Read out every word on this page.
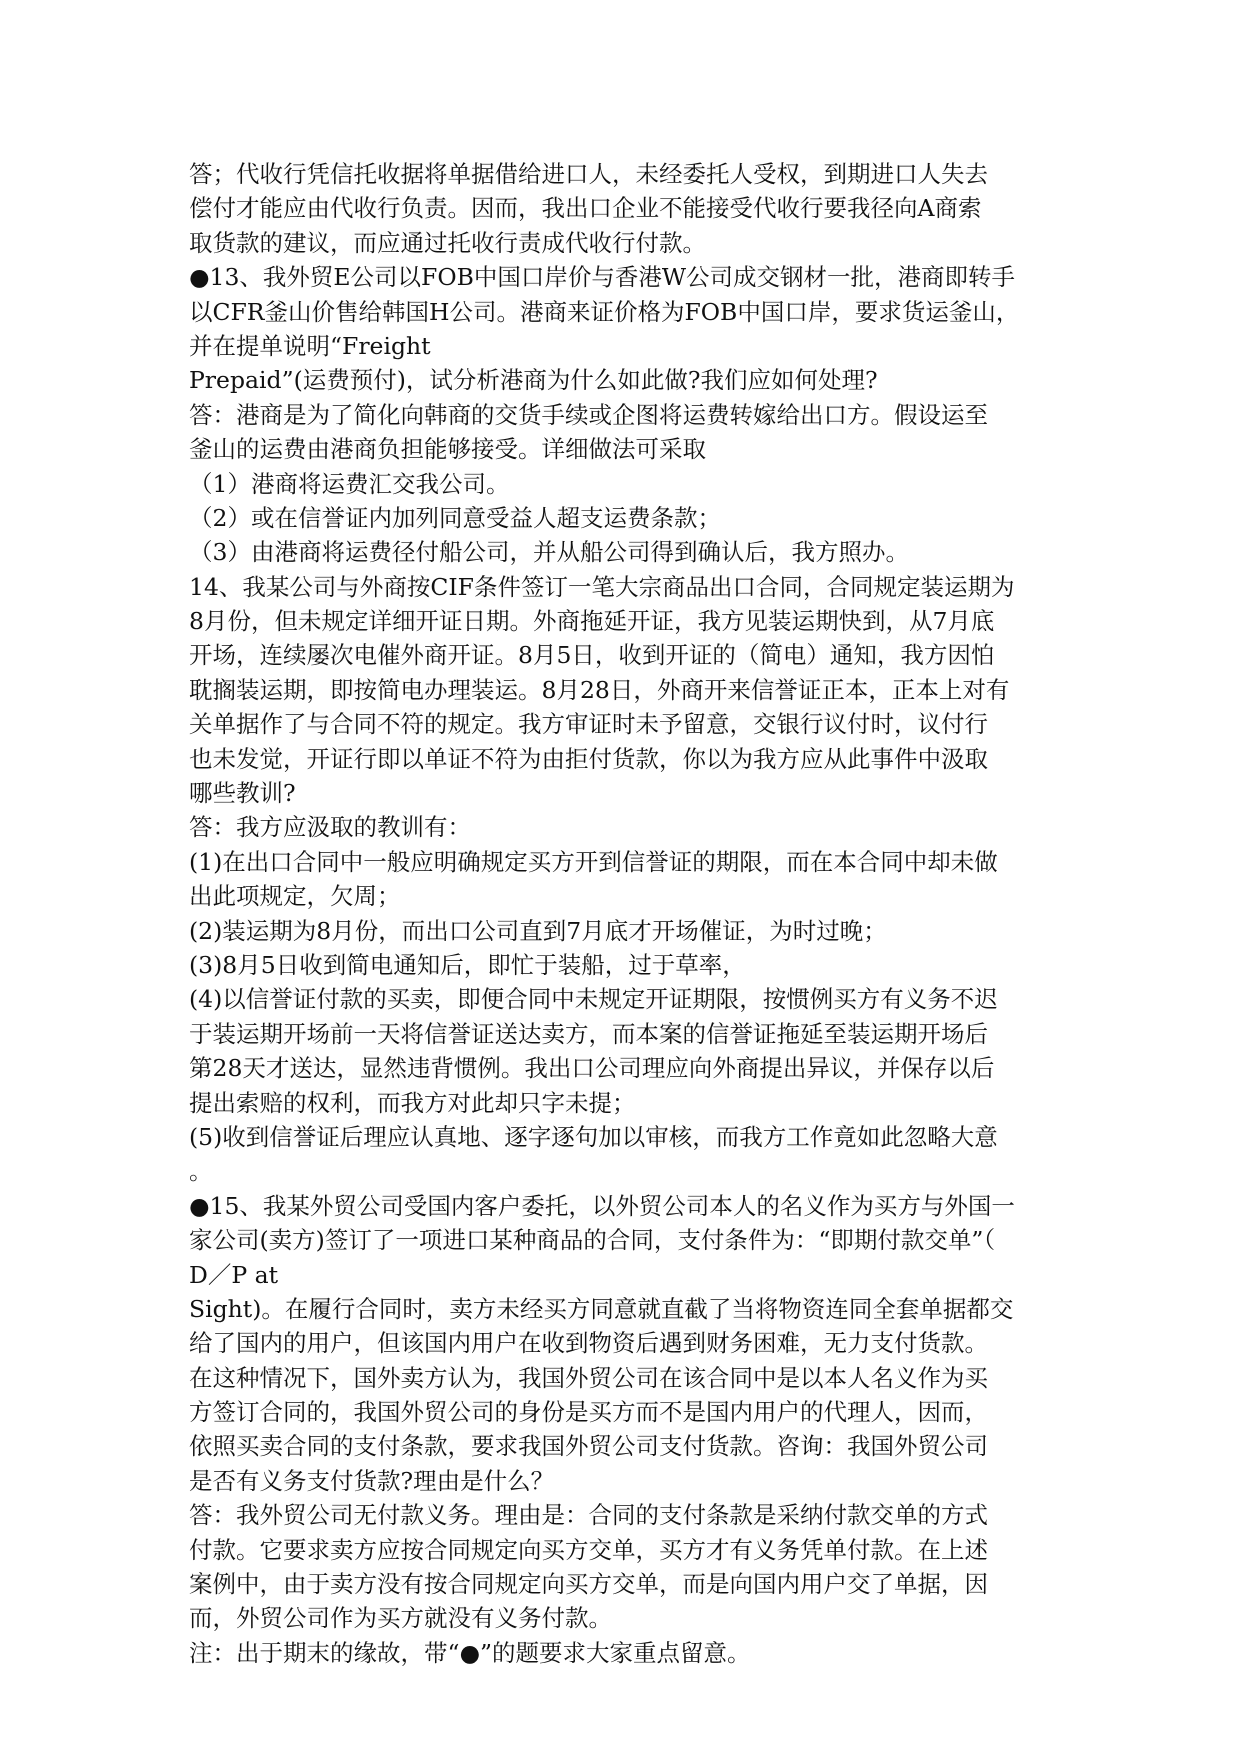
答；代收行凭信托收据将单据借给进口人，未经委托人受权，到期进口人失去
偿付才能应由代收行负责。因而，我出口企业不能接受代收行要我径向A商索
取货款的建议，而应通过托收行责成代收行付款。
●13、我外贸E公司以FOB中国口岸价与香港W公司成交钢材一批，港商即转手
以CFR釜山价售给韩国H公司。港商来证价格为FOB中国口岸，要求货运釜山，
并在提单说明“Freight
Prepaid”(运费预付)，试分析港商为什么如此做?我们应如何处理?
答：港商是为了简化向韩商的交货手续或企图将运费转嫁给出口方。假设运至
釜山的运费由港商负担能够接受。详细做法可采取
（1）港商将运费汇交我公司。
（2）或在信誉证内加列同意受益人超支运费条款；
（3）由港商将运费径付船公司，并从船公司得到确认后，我方照办。
14、我某公司与外商按CIF条件签订一笔大宗商品出口合同，合同规定装运期为
8月份，但未规定详细开证日期。外商拖延开证，我方见装运期快到，从7月底
开场，连续屡次电催外商开证。8月5日，收到开证的（简电）通知，我方因怕
耽搁装运期，即按简电办理装运。8月28日，外商开来信誉证正本，正本上对有
关单据作了与合同不符的规定。我方审证时未予留意，交银行议付时，议付行
也未发觉，开证行即以单证不符为由拒付货款，你以为我方应从此事件中汲取
哪些教训?
答：我方应汲取的教训有：
(1)在出口合同中一般应明确规定买方开到信誉证的期限，而在本合同中却未做
出此项规定，欠周；
(2)装运期为8月份，而出口公司直到7月底才开场催证，为时过晚；
(3)8月5日收到简电通知后，即忙于装船，过于草率，
(4)以信誉证付款的买卖，即便合同中未规定开证期限，按惯例买方有义务不迟
于装运期开场前一天将信誉证送达卖方，而本案的信誉证拖延至装运期开场后
第28天才送达，显然违背惯例。我出口公司理应向外商提出异议，并保存以后
提出索赔的权利，而我方对此却只字未提；
(5)收到信誉证后理应认真地、逐字逐句加以审核，而我方工作竟如此忽略大意
。
●15、我某外贸公司受国内客户委托，以外贸公司本人的名义作为买方与外国一
家公司(卖方)签订了一项进口某种商品的合同，支付条件为：“即期付款交单”（
D／P at
Sight)。在履行合同时，卖方未经买方同意就直截了当将物资连同全套单据都交
给了国内的用户，但该国内用户在收到物资后遇到财务困难，无力支付货款。
在这种情况下，国外卖方认为，我国外贸公司在该合同中是以本人名义作为买
方签订合同的，我国外贸公司的身份是买方而不是国内用户的代理人，因而，
依照买卖合同的支付条款，要求我国外贸公司支付货款。咨询：我国外贸公司
是否有义务支付货款?理由是什么？
答：我外贸公司无付款义务。理由是：合同的支付条款是采纳付款交单的方式
付款。它要求卖方应按合同规定向买方交单，买方才有义务凭单付款。在上述
案例中，由于卖方没有按合同规定向买方交单，而是向国内用户交了单据，因
而，外贸公司作为买方就没有义务付款。
注：出于期末的缘故，带“●”的题要求大家重点留意。
